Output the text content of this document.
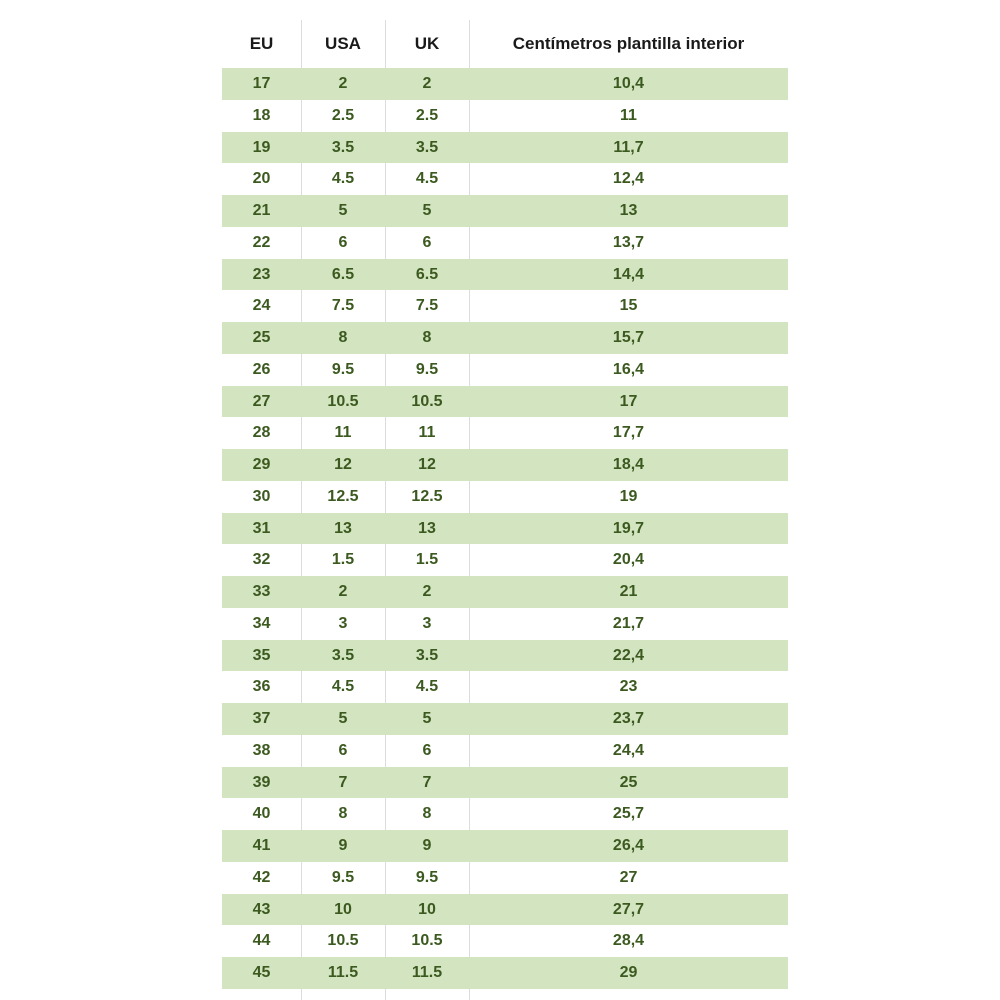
EU	USA	UK	Centímetros plantilla interior
17	2	2	10,4
18	2.5	2.5	11
19	3.5	3.5	11,7
20	4.5	4.5	12,4
21	5	5	13
22	6	6	13,7
23	6.5	6.5	14,4
24	7.5	7.5	15
25	8	8	15,7
26	9.5	9.5	16,4
27	10.5	10.5	17
28	11	11	17,7
29	12	12	18,4
30	12.5	12.5	19
31	13	13	19,7
32	1.5	1.5	20,4
33	2	2	21
34	3	3	21,7
35	3.5	3.5	22,4
36	4.5	4.5	23
37	5	5	23,7
38	6	6	24,4
39	7	7	25
40	8	8	25,7
41	9	9	26,4
42	9.5	9.5	27
43	10	10	27,7
44	10.5	10.5	28,4
45	11.5	11.5	29
